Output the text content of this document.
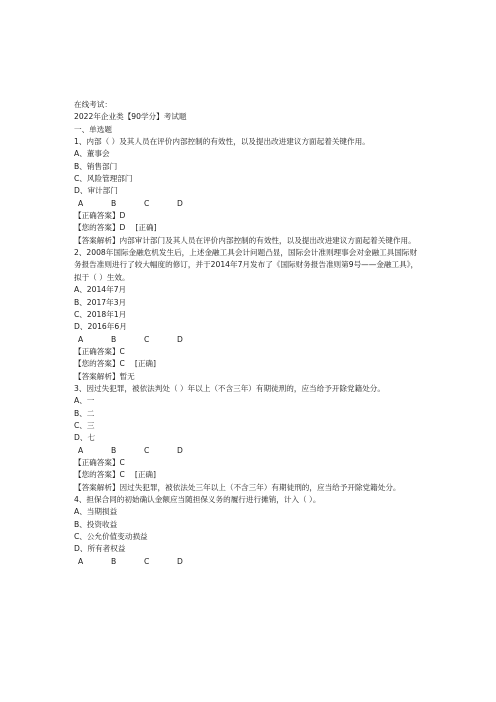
在线考试：
2022年企业类【90学分】考试题
一、单选题
1、内部（ ）及其人员在评价内部控制的有效性，以及提出改进建议方面起着关键作用。
A、董事会
B、销售部门
C、风险管理部门
D、审计部门
A	B	C	D
【正确答案】D
【您的答案】D [正确]
【答案解析】内部审计部门及其人员在评价内部控制的有效性，以及提出改进建议方面起着关键作用。
2、2008年国际金融危机发生后，上述金融工具会计问题凸显，国际会计准则理事会对金融工具国际财务报告准则进行了较大幅度的修订，并于2014年7月发布了《国际财务报告准则第9号——金融工具》，拟于（ ）生效。
A、2014年7月
B、2017年3月
C、2018年1月
D、2016年6月
A	B	C	D
【正确答案】C
【您的答案】C [正确]
【答案解析】暂无
3、因过失犯罪，被依法判处（ ）年以上（不含三年）有期徒刑的，应当给予开除党籍处分。
A、一
B、二
C、三
D、七
A	B	C	D
【正确答案】C
【您的答案】C [正确]
【答案解析】因过失犯罪，被依法处三年以上（不含三年）有期徒刑的，应当给予开除党籍处分。
4、担保合同的初始确认金额应当随担保义务的履行进行摊销，计入（ ）。
A、当期损益
B、投资收益
C、公允价值变动损益
D、所有者权益
A	B	C	D
